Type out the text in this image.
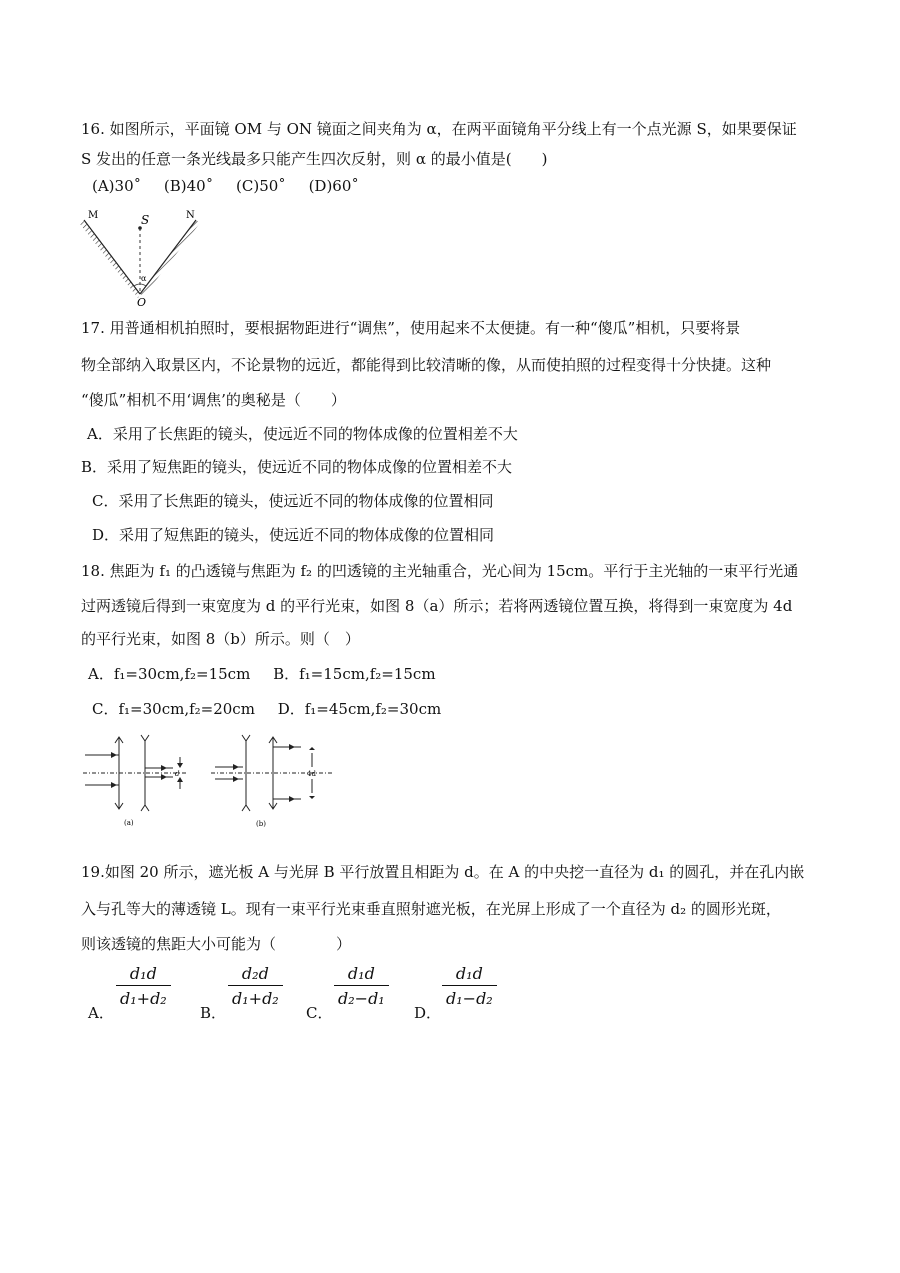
16. 如图所示，平面镜 OM 与 ON 镜面之间夹角为 α，在两平面镜角平分线上有一个点光源 S，如果要保证
S 发出的任意一条光线最多只能产生四次反射，则 α 的最小值是(　　)
(A)30˚ (B)40˚ (C)50˚ (D)60˚
M	N
S
O
α
17. 用普通相机拍照时，要根据物距进行“调焦”，使用起来不太便捷。有一种“傻瓜”相机，只要将景
物全部纳入取景区内，不论景物的远近，都能得到比较清晰的像，从而使拍照的过程变得十分快捷。这种
“傻瓜”相机不用‘调焦’的奥秘是（　　）
A．采用了长焦距的镜头，使远近不同的物体成像的位置相差不大
B．采用了短焦距的镜头，使远近不同的物体成像的位置相差不大
C．采用了长焦距的镜头，使远近不同的物体成像的位置相同
D．采用了短焦距的镜头，使远近不同的物体成像的位置相同
18. 焦距为 f₁ 的凸透镜与焦距为 f₂ 的凹透镜的主光轴重合，光心间为 15cm。平行于主光轴的一束平行光通
过两透镜后得到一束宽度为 d 的平行光束，如图 8（a）所示；若将两透镜位置互换，将得到一束宽度为 4d
的平行光束，如图 8（b）所示。则（　）
A．f₁=30cm,f₂=15cm B．f₁=15cm,f₂=15cm
C．f₁=30cm,f₂=20cm D．f₁=45cm,f₂=30cm
d	4d
(a)	(b)
19.如图 20 所示，遮光板 A 与光屏 B 平行放置且相距为 d。在 A 的中央挖一直径为 d₁ 的圆孔，并在孔内嵌
入与孔等大的薄透镜 L。现有一束平行光束垂直照射遮光板，在光屏上形成了一个直径为 d₂ 的圆形光斑，
则该透镜的焦距大小可能为（　　　　）
A．
$\frac{\text{d₁d}}{\text{d₁+d₂}}$
B．
$\frac{\text{d₂d}}{\text{d₁+d₂}}$
C．
$\frac{\text{d₁d}}{\text{d₂−d₁}}$
D．
$\frac{\text{d₁d}}{\text{d₁−d₂}}$
